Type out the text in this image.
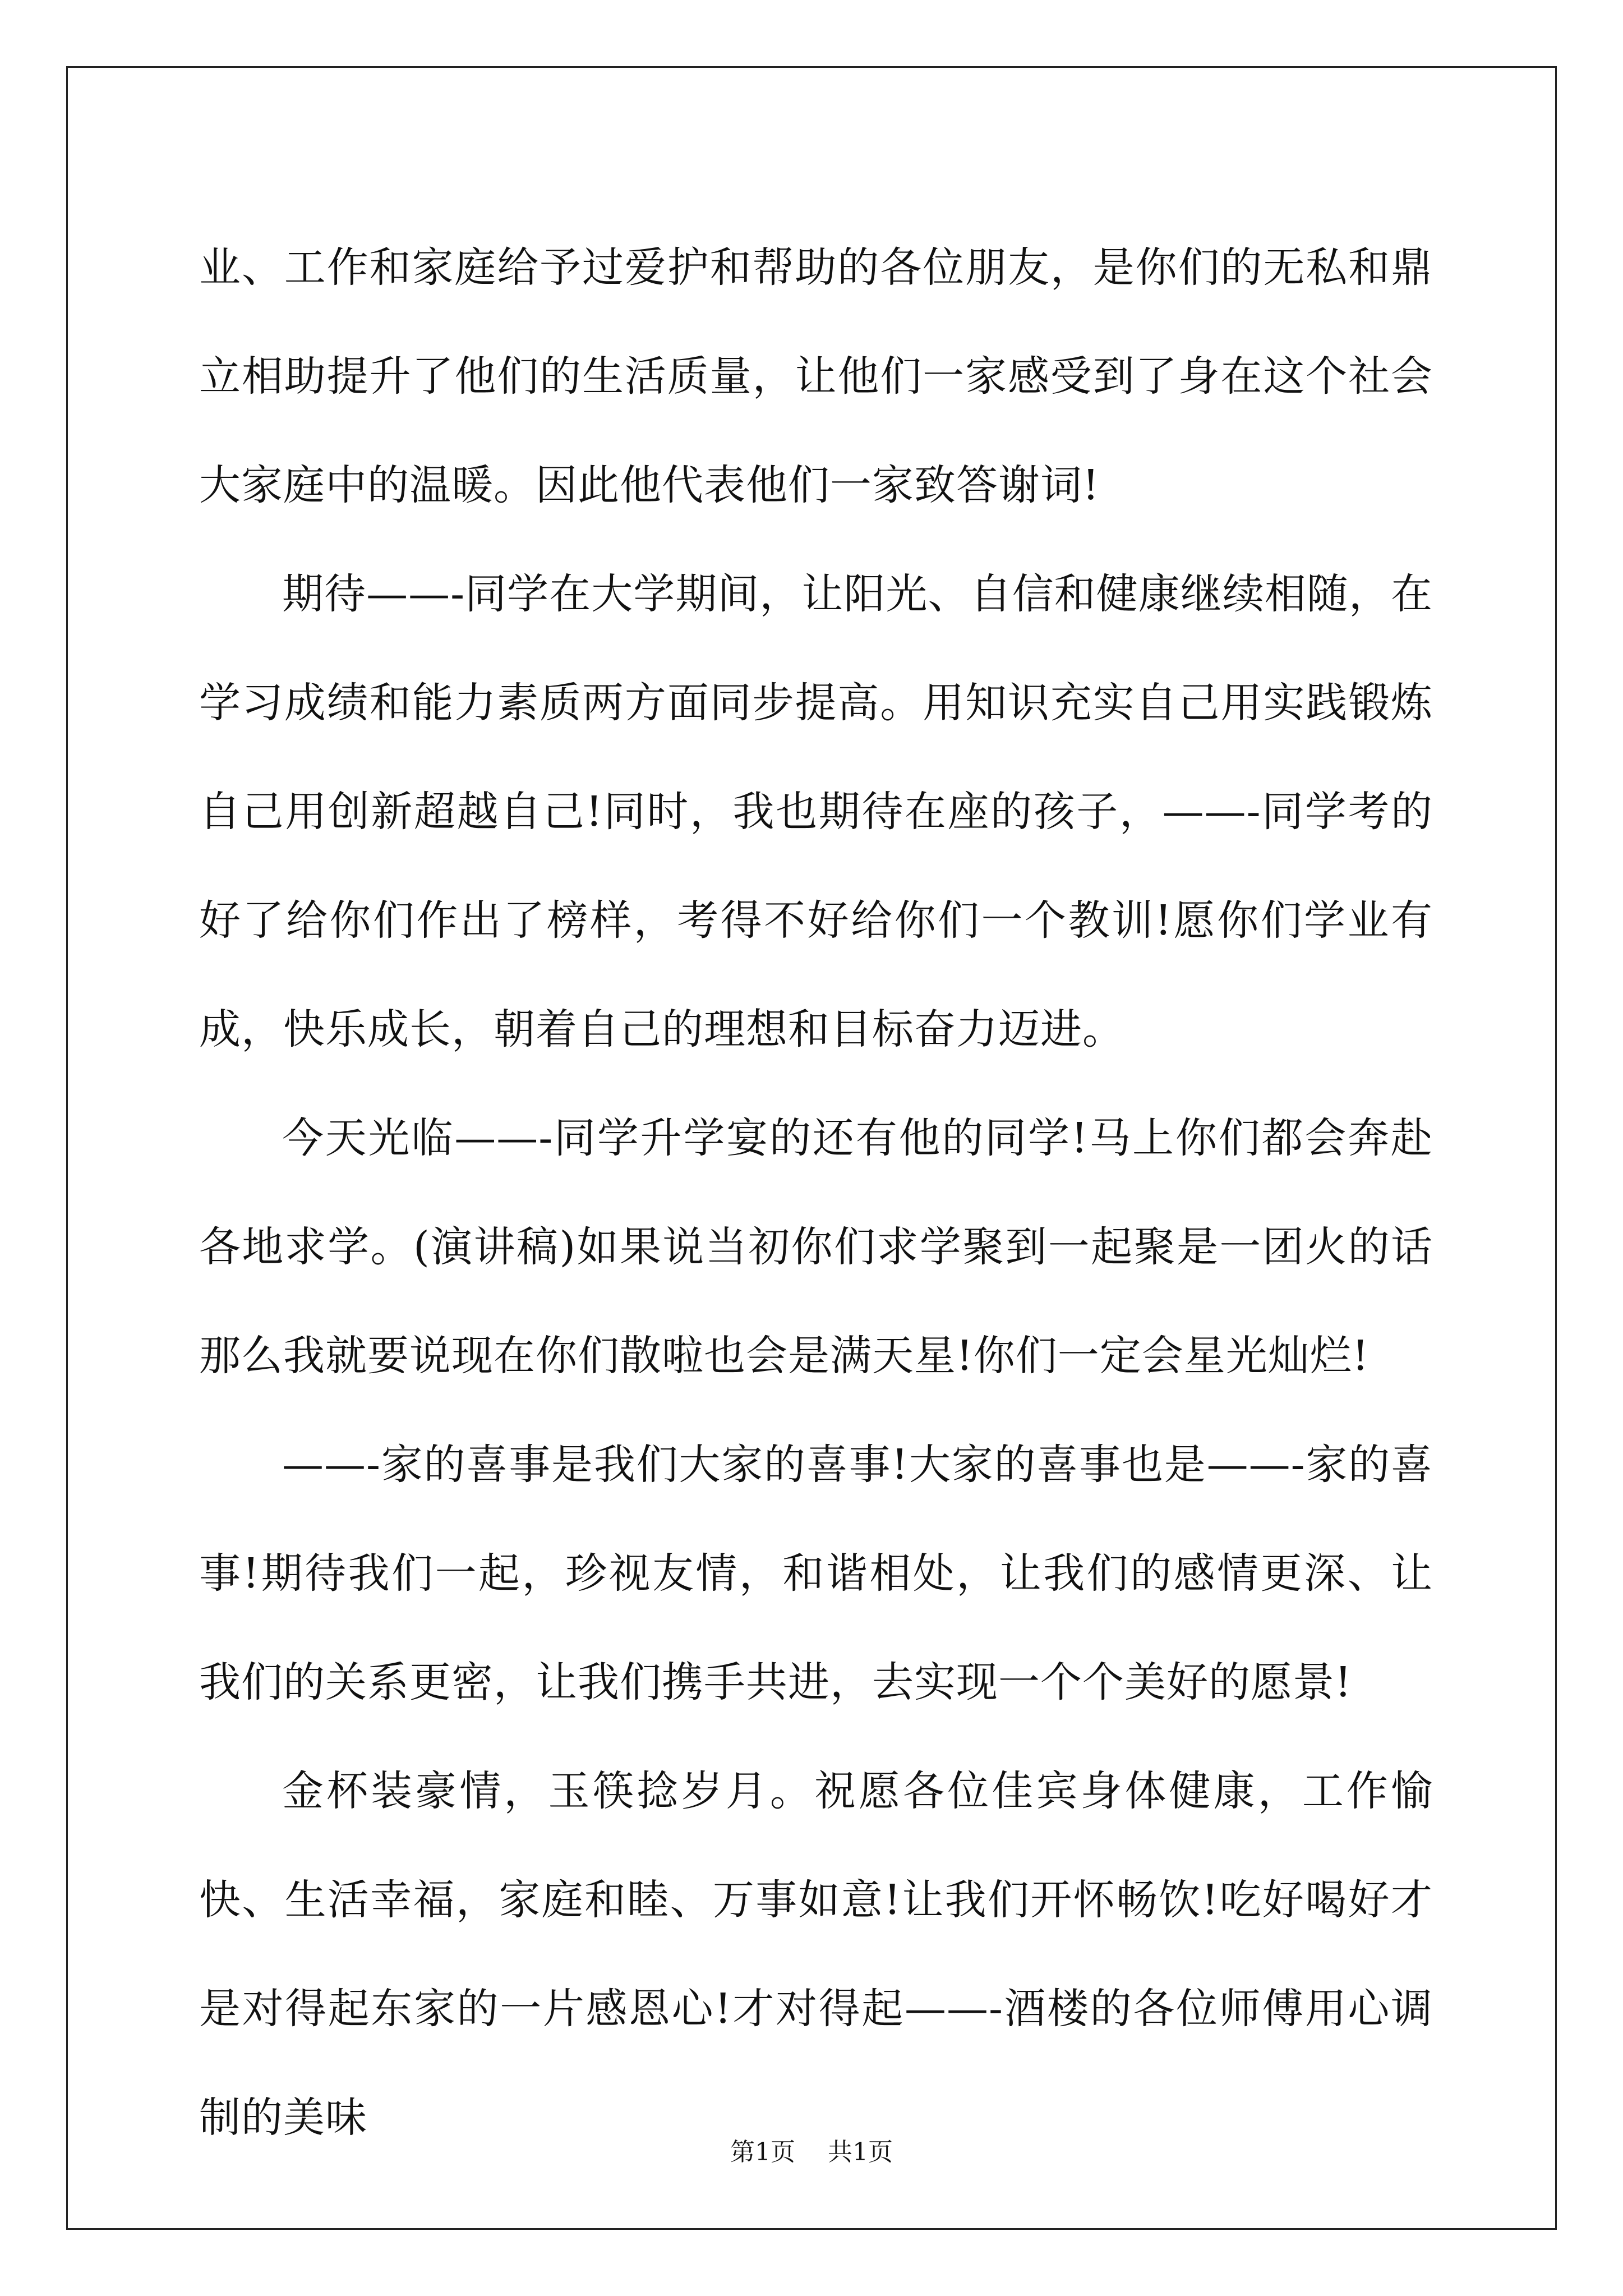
业、工作和家庭给予过爱护和帮助的各位朋友，是你们的无私和鼎立相助提升了他们的生活质量，让他们一家感受到了身在这个社会大家庭中的温暖。因此他代表他们一家致答谢词!

期待——-同学在大学期间，让阳光、自信和健康继续相随，在学习成绩和能力素质两方面同步提高。用知识充实自己用实践锻炼自己用创新超越自己!同时，我也期待在座的孩子，——-同学考的好了给你们作出了榜样，考得不好给你们一个教训!愿你们学业有成，快乐成长，朝着自己的理想和目标奋力迈进。

今天光临——-同学升学宴的还有他的同学!马上你们都会奔赴各地求学。(演讲稿)如果说当初你们求学聚到一起聚是一团火的话那么我就要说现在你们散啦也会是满天星!你们一定会星光灿烂!

——-家的喜事是我们大家的喜事!大家的喜事也是——-家的喜事!期待我们一起，珍视友情，和谐相处，让我们的感情更深、让我们的关系更密，让我们携手共进，去实现一个个美好的愿景!

金杯装豪情，玉筷捻岁月。祝愿各位佳宾身体健康，工作愉快、生活幸福，家庭和睦、万事如意!让我们开怀畅饮!吃好喝好才是对得起东家的一片感恩心!才对得起——-酒楼的各位师傅用心调制的美味

第1页 共1页
